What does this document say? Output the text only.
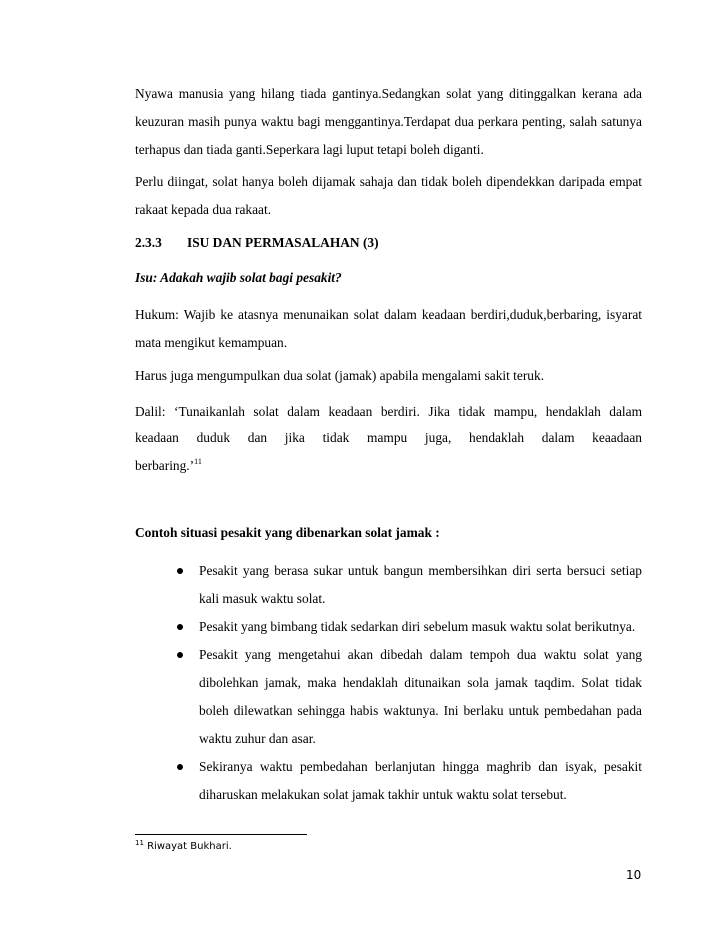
Nyawa manusia yang hilang tiada gantinya.Sedangkan solat yang ditinggalkan kerana ada keuzuran masih punya waktu bagi menggantinya.Terdapat dua perkara penting, salah satunya terhapus dan tiada ganti.Seperkara lagi luput tetapi boleh diganti.

Perlu diingat, solat hanya boleh dijamak sahaja dan tidak boleh dipendekkan daripada empat rakaat kepada dua rakaat.

2.3.3 ISU DAN PERMASALAHAN (3)

Isu: Adakah wajib solat bagi pesakit?

Hukum: Wajib ke atasnya menunaikan solat dalam keadaan berdiri,duduk,berbaring, isyarat mata mengikut kemampuan.

Harus juga mengumpulkan dua solat (jamak) apabila mengalami sakit teruk.

Dalil: ‘Tunaikanlah solat dalam keadaan berdiri. Jika tidak mampu, hendaklah dalam

keadaan duduk dan jika tidak mampu juga, hendaklah dalam keaadaan

berbaring.’$^{11}$

Contoh situasi pesakit yang dibenarkan solat jamak :

Pesakit yang berasa sukar untuk bangun membersihkan diri serta bersuci setiap kali masuk waktu solat.
Pesakit yang bimbang tidak sedarkan diri sebelum masuk waktu solat berikutnya.
Pesakit yang mengetahui akan dibedah dalam tempoh dua waktu solat yang dibolehkan jamak, maka hendaklah ditunaikan sola jamak taqdim. Solat tidak boleh dilewatkan sehingga habis waktunya. Ini berlaku untuk pembedahan pada waktu zuhur dan asar.
Sekiranya waktu pembedahan berlanjutan hingga maghrib dan isyak, pesakit diharuskan melakukan solat jamak takhir untuk waktu solat tersebut.

$^{11}$ Riwayat Bukhari.

10
